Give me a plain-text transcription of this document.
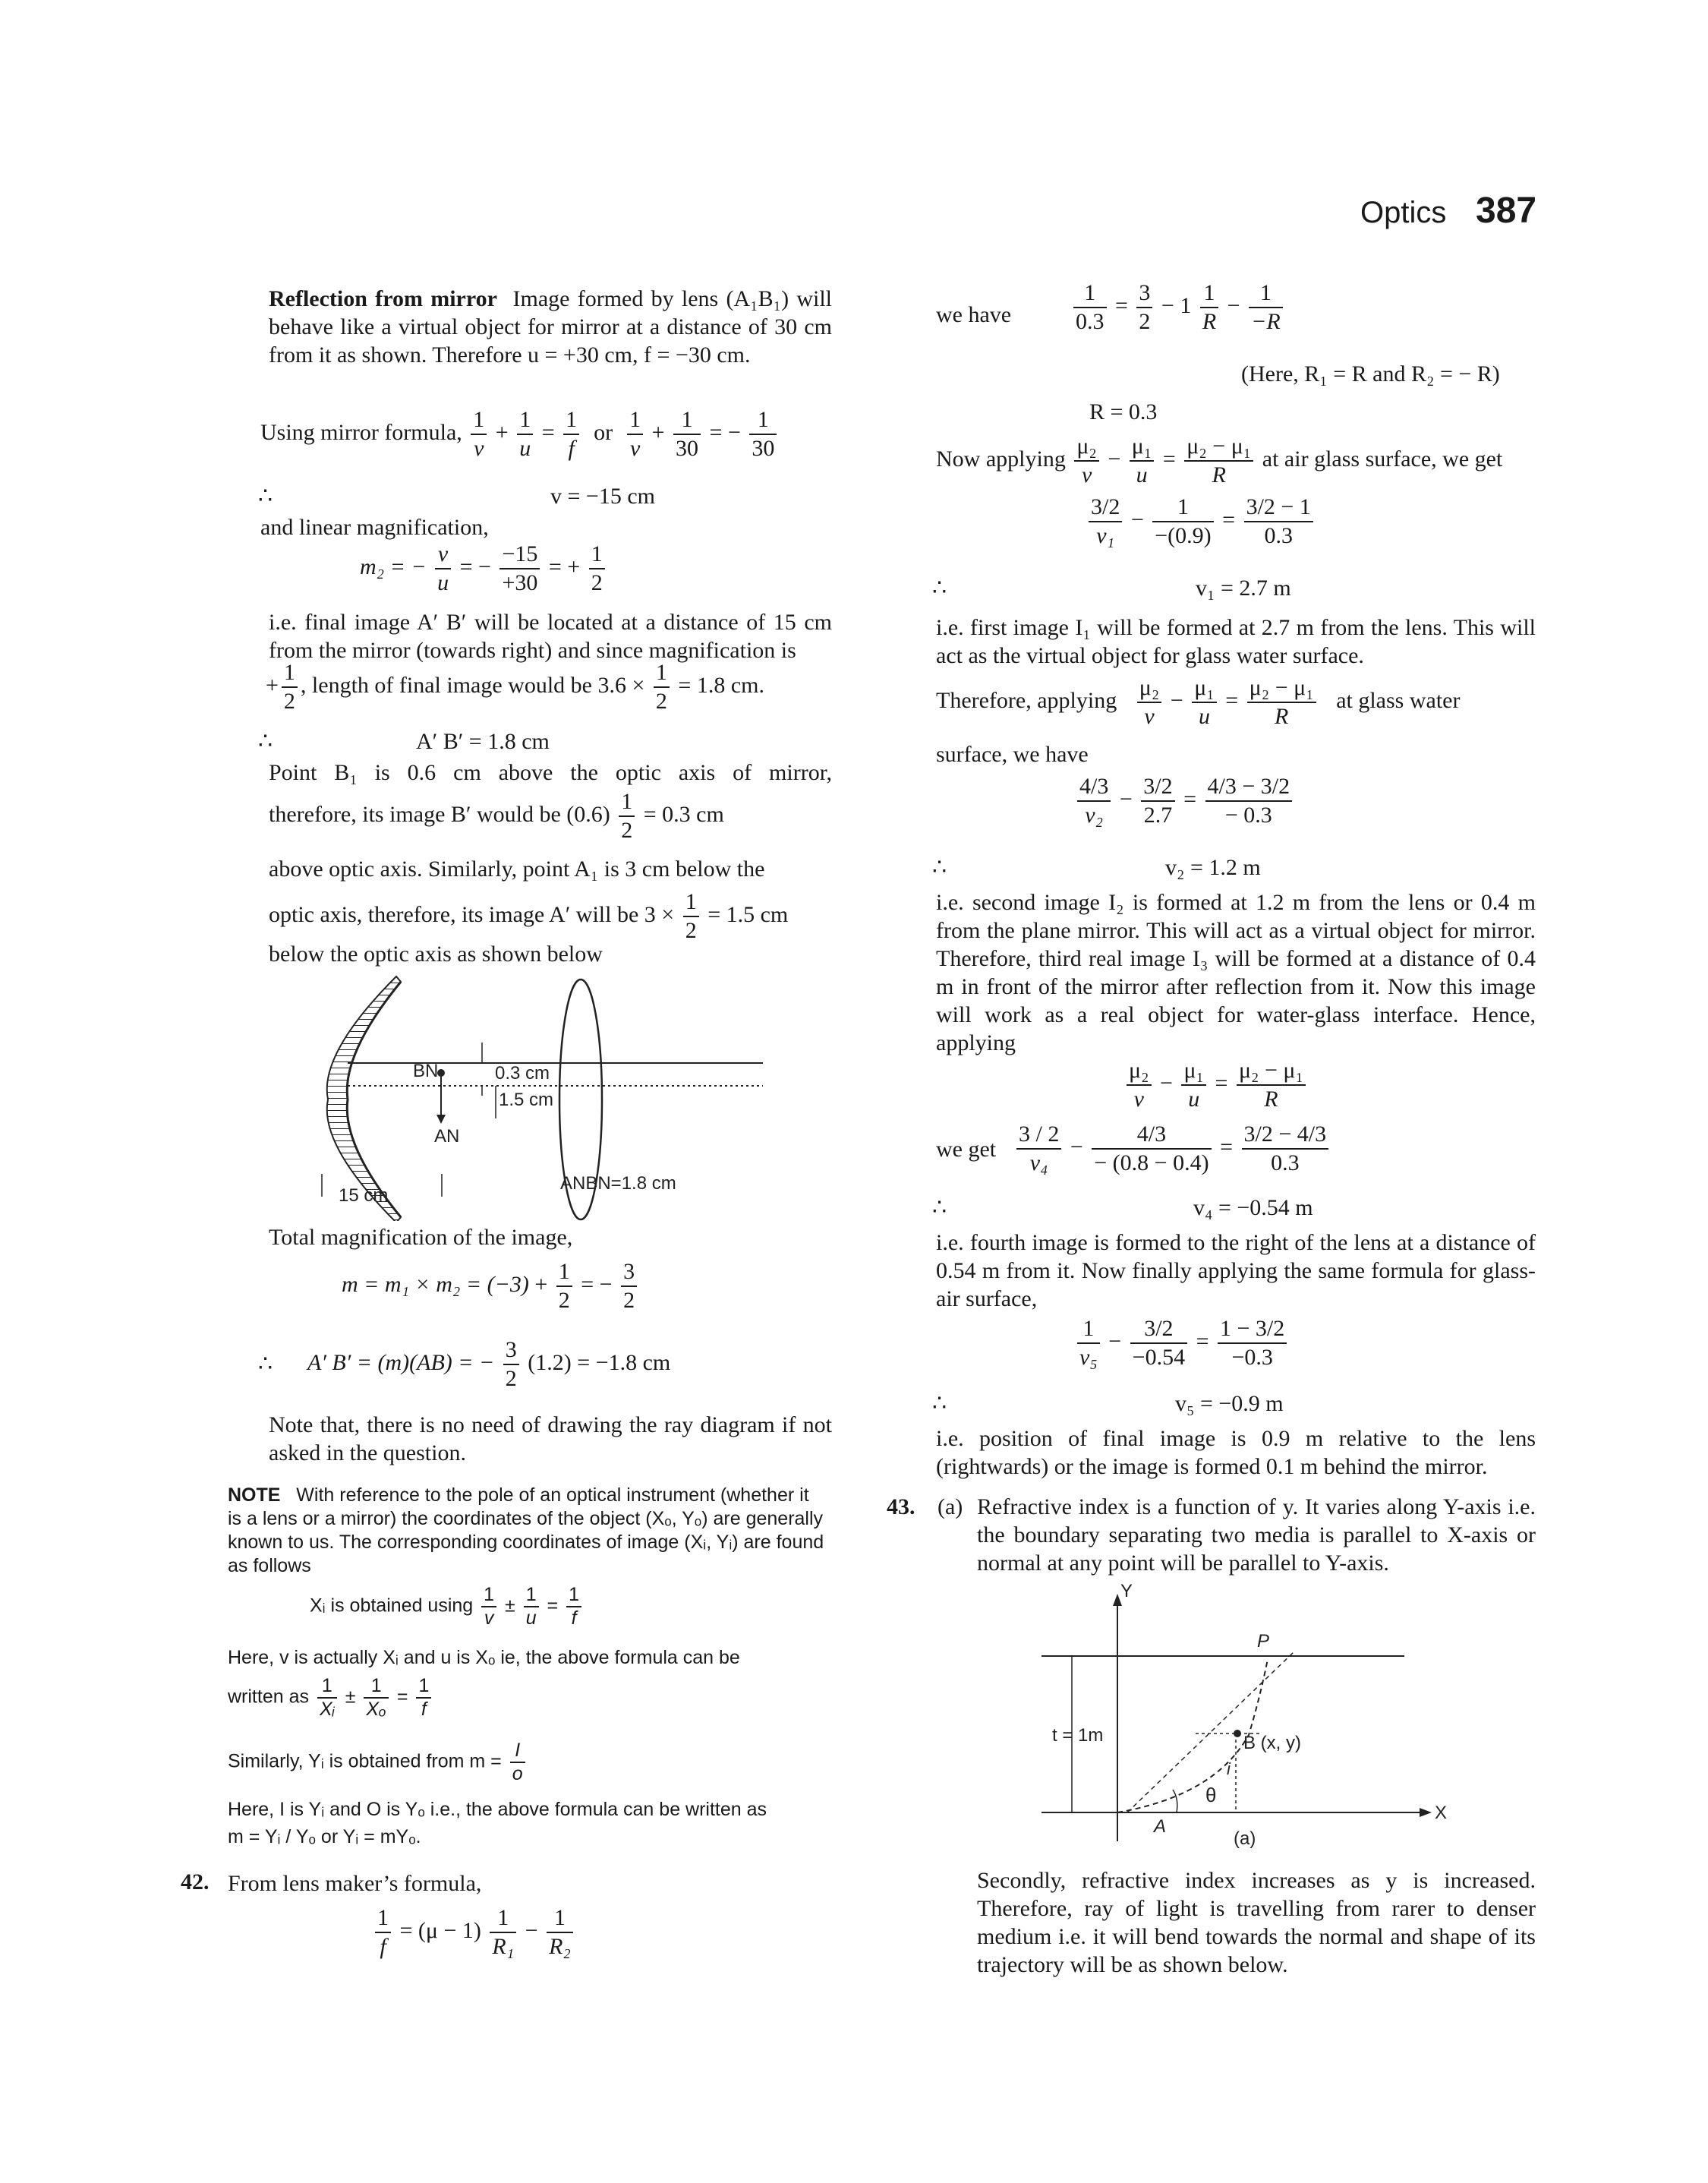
Optics 387
Reflection from mirror Image formed by lens (A₁B₁) will behave like a virtual object for mirror at a distance of 30 cm from it as shown. Therefore u = +30 cm, f = −30 cm.
Using mirror formula, $\frac{1}{v} + \frac{1}{u} = \frac{1}{f}$ or $\frac{1}{v} + \frac{1}{30}$ = − $\frac{1}{30}$
∴	v = −15 cm
and linear magnification,
m₂ = − $\frac{v}{u}$ = − $\frac{-15}{+30}$ = + $\frac{1}{2}$
i.e. final image A′ B′ will be located at a distance of 15 cm from the mirror (towards right) and since magnification is
+ $\frac{1}{2}$ , length of final image would be $3.6 \times \frac{1}{2} = 1.8$ cm.
∴	A′ B′ = 1.8 cm
Point B₁ is 0.6 cm above the optic axis of mirror,
therefore, its image B′ would be $(0.6) \frac{1}{2} = 0.3$ cm
above optic axis. Similarly, point A₁ is 3 cm below the
optic axis, therefore, its image A′ will be $3 \times \frac{1}{2} = 1.5$ cm
below the optic axis as shown below
BN
AN
0.3 cm
1.5 cm
ANBN=1.8 cm
15 cm
Total magnification of the image,
$m = m_1 \times m_2 = (-3) + \frac{1}{2}$ = − $\frac{3}{2}$
∴ A′ B′ = (m)(AB) = − $\frac{3}{2} (1.2) = -1.8$ cm
Note that, there is no need of drawing the ray diagram if not asked in the question.
NOTE With reference to the pole of an optical instrument (whether it is a lens or a mirror) the coordinates of the object (Xₒ, Yₒ) are generally known to us. The corresponding coordinates of image (Xᵢ, Yᵢ) are found as follows
Xᵢ is obtained using $\frac{1}{v} \pm \frac{1}{u} = \frac{1}{f}$
Here, v is actually Xᵢ and u is Xₒ ie, the above formula can be
written as $\frac{1}{\text{Xᵢ}} \pm \frac{1}{\text{Xₒ}} = \frac{1}{f}$
Similarly, Yᵢ is obtained from $m = \frac{I}{o}$
Here, I is Yᵢ and O is Yₒ i.e., the above formula can be written as
m = Yᵢ / Yₒ or Yᵢ = mYₒ.
42. From lens maker’s formula,
$\frac{1}{f} = (\mu - 1) \frac{1}{\text{R₁}} - \frac{1}{\text{R₂}}$
we have	$\frac{1}{0.3} = \frac{3}{2} - 1 \frac{1}{R} - \frac{1}{-R}$
(Here, R₁ = R and R₂ = − R)
R = 0.3
Now applying $\frac{\text{μ₂}}{v} - \frac{\text{μ₁}}{u} = \frac{\text{μ₂ − μ₁}}{R}$ at air glass surface, we get
$\frac{3/2}{\text{v₁}} - \frac{1}{-(0.9)} = \frac{3/2 - 1}{0.3}$
∴	v₁ = 2.7 m
i.e. first image I₁ will be formed at 2.7 m from the lens. This will act as the virtual object for glass water surface.
Therefore, applying $\frac{\text{μ₂}}{v} - \frac{\text{μ₁}}{u} = \frac{\text{μ₂ − μ₁}}{R}$ at glass water
surface, we have
$\frac{4/3}{\text{v₂}} - \frac{3/2}{2.7} = \frac{4/3 - 3/2}{- 0.3}$
∴	v₂ = 1.2 m
i.e. second image I₂ is formed at 1.2 m from the lens or 0.4 m from the plane mirror. This will act as a virtual object for mirror. Therefore, third real image I₃ will be formed at a distance of 0.4 m in front of the mirror after reflection from it. Now this image will work as a real object for water-glass interface. Hence, applying
$\frac{\text{μ₂}}{v} - \frac{\text{μ₁}}{u} = \frac{\text{μ₂ − μ₁}}{R}$
we get $\frac{3 / 2}{\text{v₄}} - \frac{4/3}{- (0.8 - 0.4)} = \frac{3/2 - 4/3}{0.3}$
∴	v₄ = −0.54 m
i.e. fourth image is formed to the right of the lens at a distance of 0.54 m from it. Now finally applying the same formula for glass-air surface,
$\frac{1}{\text{v₅}} - \frac{3/2}{-0.54} = \frac{1 - 3/2}{-0.3}$
∴	v₅ = −0.9 m
i.e. position of final image is 0.9 m relative to the lens (rightwards) or the image is formed 0.1 m behind the mirror.
43. (a) Refractive index is a function of y. It varies along Y-axis i.e. the boundary separating two media is parallel to X-axis or normal at any point will be parallel to Y-axis.
Y
X
P
A
t = 1m	B (x, y)
i
θ
(a)
Secondly, refractive index increases as y is increased. Therefore, ray of light is travelling from rarer to denser medium i.e. it will bend towards the normal and shape of its trajectory will be as shown below.
